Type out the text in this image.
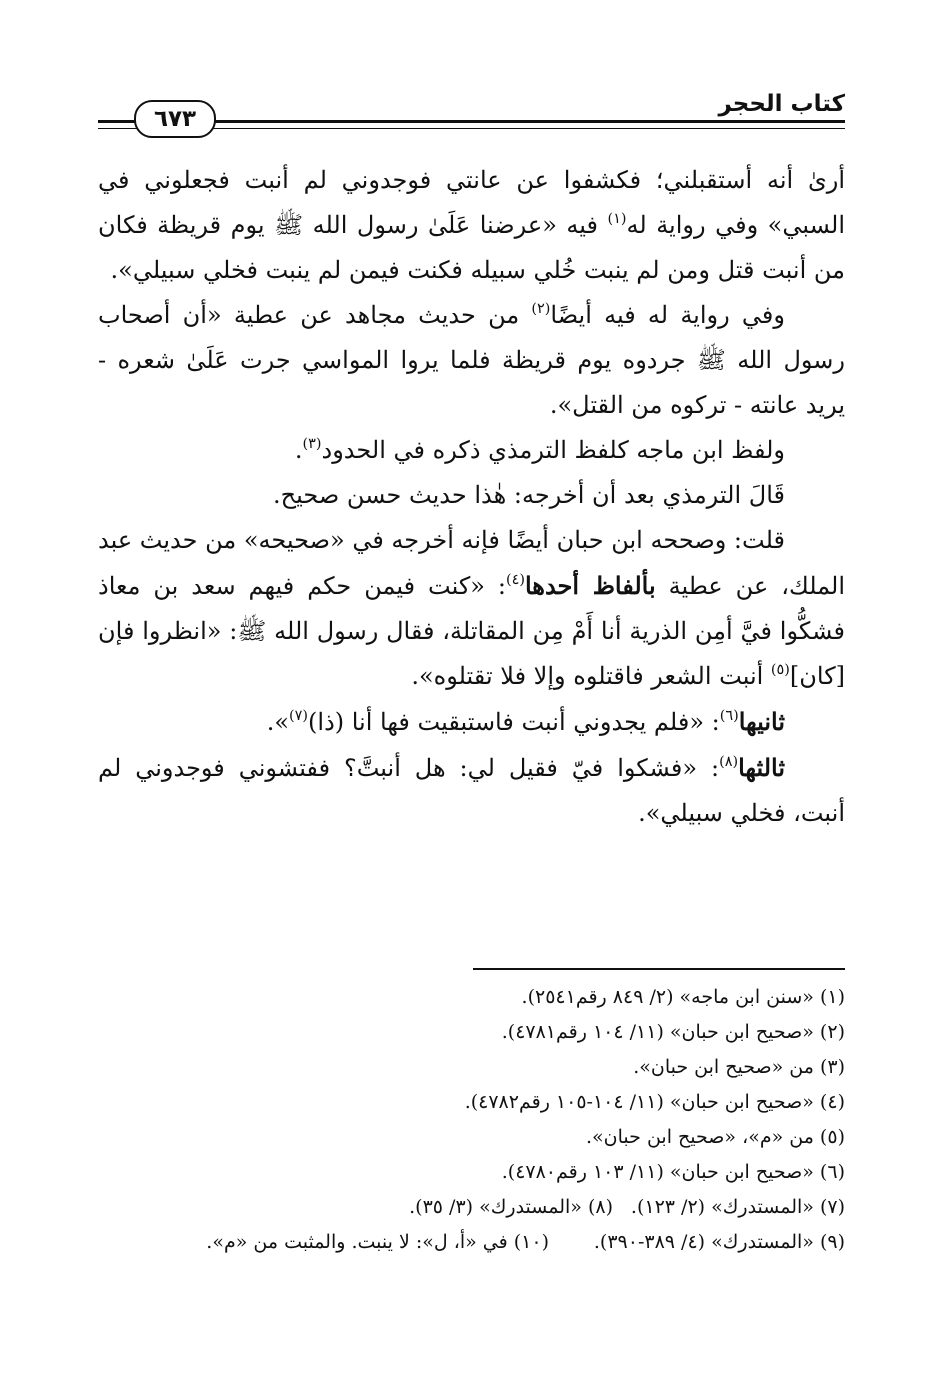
٦٧٣
كتاب الحجر

أرىٰ أنه أستقبلني؛ فكشفوا عن عانتي فوجدوني لم أنبت فجعلوني في السبي» وفي رواية له$^{(١)}$ فيه «عرضنا عَلَىٰ رسول الله ﷺ يوم قريظة فكان من أنبت قتل ومن لم ينبت خُلي سبيله فكنت فيمن لم ينبت فخلي سبيلي».

وفي رواية له فيه أيضًا$^{(٢)}$ من حديث مجاهد عن عطية «أن أصحاب رسول الله ﷺ جردوه يوم قريظة فلما يروا المواسي جرت عَلَىٰ شعره - يريد عانته - تركوه من القتل».

ولفظ ابن ماجه كلفظ الترمذي ذكره في الحدود$^{(٣)}$.

قَالَ الترمذي بعد أن أخرجه: هٰذا حديث حسن صحيح.

قلت: وصححه ابن حبان أيضًا فإنه أخرجه في «صحيحه» من حديث عبد الملك، عن عطية بألفاظ أحدها$^{(٤)}$: «كنت فيمن حكم فيهم سعد بن معاذ فشكُّوا فيَّ أمِن الذرية أنا أَمْ مِن المقاتلة، فقال رسول الله ﷺ: «انظروا فإن [كان]$^{(٥)}$ أنبت الشعر فاقتلوه وإلا فلا تقتلوه».

ثانيها$^{(٦)}$: «فلم يجدوني أنبت فاستبقيت فها أنا (ذا)$^{(٧)}$».

ثالثها$^{(٨)}$: «فشكوا فيّ فقيل لي: هل أنبتَّ؟ ففتشوني فوجدوني لم أنبت، فخلي سبيلي».

(١) «سنن ابن ماجه» (٢/ ٨٤٩ رقم٢٥٤١).
(٢) «صحيح ابن حبان» (١١/ ١٠٤ رقم٤٧٨١).
(٣) من «صحيح ابن حبان».
(٤) «صحيح ابن حبان» (١١/ ١٠٤-١٠٥ رقم٤٧٨٢).
(٥) من «م»، «صحيح ابن حبان».
(٦) «صحيح ابن حبان» (١١/ ١٠٣ رقم٤٧٨٠).
(٧) «المستدرك» (٢/ ١٢٣).
(٨) «المستدرك» (٣/ ٣٥).
(٩) «المستدرك» (٤/ ٣٨٩-٣٩٠).
(١٠) في «أ، ل»: لا ينبت. والمثبت من «م».
